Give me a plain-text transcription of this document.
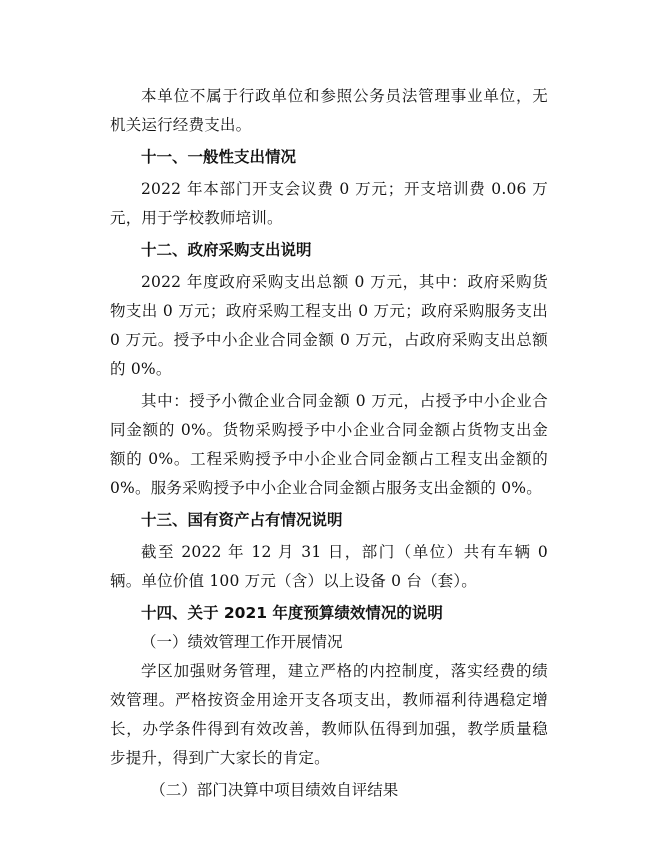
本单位不属于行政单位和参照公务员法管理事业单位，无机关运行经费支出。

十一、一般性支出情况

2022 年本部门开支会议费 0 万元；开支培训费 0.06 万元，用于学校教师培训。

十二、政府采购支出说明

2022 年度政府采购支出总额 0 万元，其中：政府采购货物支出 0 万元；政府采购工程支出 0 万元；政府采购服务支出 0 万元。授予中小企业合同金额 0 万元，占政府采购支出总额的 0%。

其中：授予小微企业合同金额 0 万元，占授予中小企业合同金额的 0%。货物采购授予中小企业合同金额占货物支出金额的 0%。工程采购授予中小企业合同金额占工程支出金额的 0%。服务采购授予中小企业合同金额占服务支出金额的 0%。

十三、国有资产占有情况说明

截至 2022 年 12 月 31 日，部门（单位）共有车辆 0 辆。单位价值 100 万元（含）以上设备 0 台（套）。

十四、关于 2021 年度预算绩效情况的说明

（一）绩效管理工作开展情况

学区加强财务管理，建立严格的内控制度，落实经费的绩效管理。严格按资金用途开支各项支出，教师福利待遇稳定增长，办学条件得到有效改善，教师队伍得到加强，教学质量稳步提升，得到广大家长的肯定。

（二）部门决算中项目绩效自评结果
